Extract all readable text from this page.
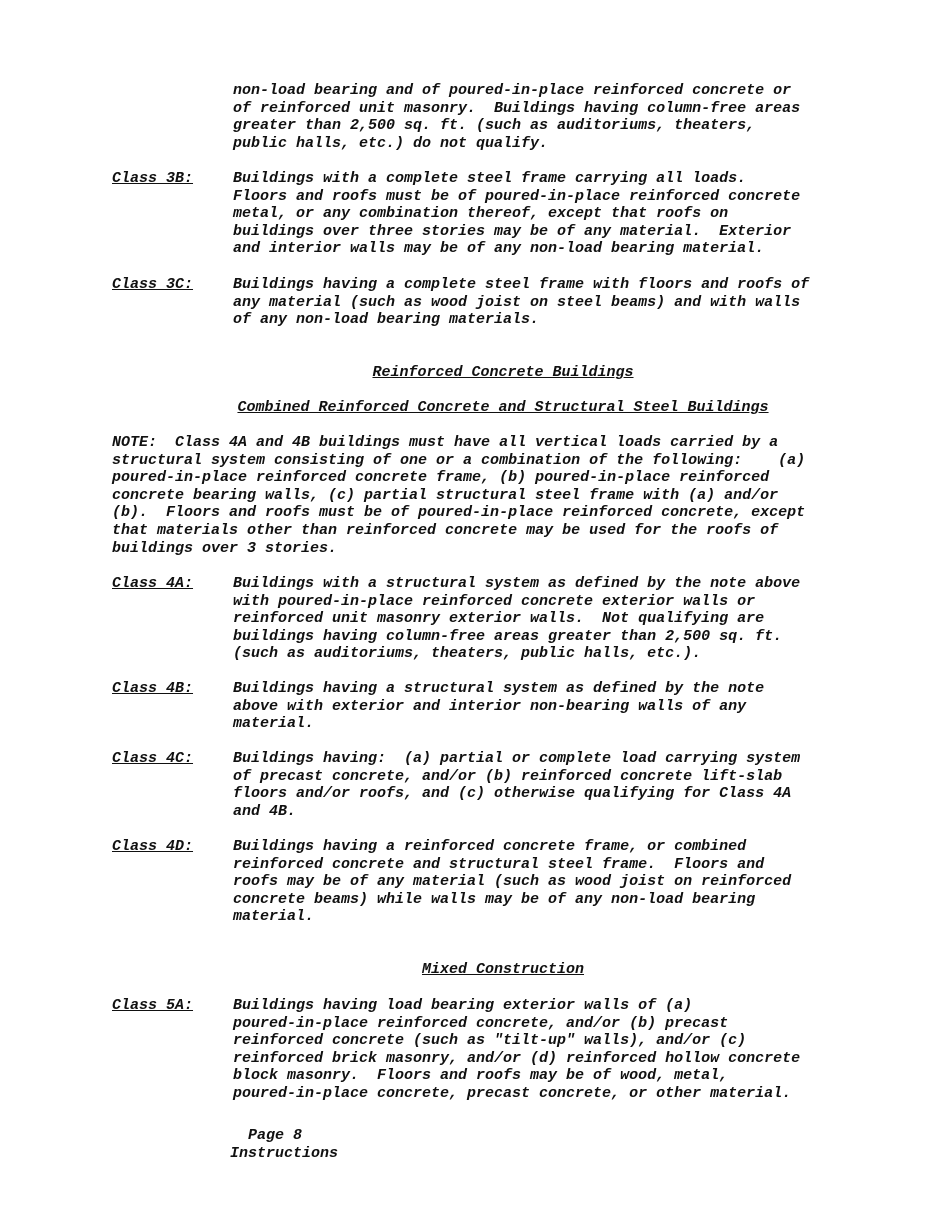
non-load bearing and of poured-in-place reinforced concrete or
of reinforced unit masonry.  Buildings having column-free areas
greater than 2,500 sq. ft. (such as auditoriums, theaters,
public halls, etc.) do not qualify.
Class 3B:	Buildings with a complete steel frame carrying all loads.
Floors and roofs must be of poured-in-place reinforced concrete
metal, or any combination thereof, except that roofs on
buildings over three stories may be of any material.  Exterior
and interior walls may be of any non-load bearing material.
Class 3C:	Buildings having a complete steel frame with floors and roofs of
any material (such as wood joist on steel beams) and with walls
of any non-load bearing materials.
Reinforced Concrete Buildings
Combined Reinforced Concrete and Structural Steel Buildings
NOTE:  Class 4A and 4B buildings must have all vertical loads carried by a
structural system consisting of one or a combination of the following:    (a)
poured-in-place reinforced concrete frame, (b) poured-in-place reinforced
concrete bearing walls, (c) partial structural steel frame with (a) and/or
(b).  Floors and roofs must be of poured-in-place reinforced concrete, except
that materials other than reinforced concrete may be used for the roofs of
buildings over 3 stories.
Class 4A:	Buildings with a structural system as defined by the note above
with poured-in-place reinforced concrete exterior walls or
reinforced unit masonry exterior walls.  Not qualifying are
buildings having column-free areas greater than 2,500 sq. ft.
(such as auditoriums, theaters, public halls, etc.).
Class 4B:	Buildings having a structural system as defined by the note
above with exterior and interior non-bearing walls of any
material.
Class 4C:	Buildings having:  (a) partial or complete load carrying system
of precast concrete, and/or (b) reinforced concrete lift-slab
floors and/or roofs, and (c) otherwise qualifying for Class 4A
and 4B.
Class 4D:	Buildings having a reinforced concrete frame, or combined
reinforced concrete and structural steel frame.  Floors and
roofs may be of any material (such as wood joist on reinforced
concrete beams) while walls may be of any non-load bearing
material.
Mixed Construction
Class 5A:	Buildings having load bearing exterior walls of (a)
poured-in-place reinforced concrete, and/or (b) precast
reinforced concrete (such as "tilt-up" walls), and/or (c)
reinforced brick masonry, and/or (d) reinforced hollow concrete
block masonry.  Floors and roofs may be of wood, metal,
poured-in-place concrete, precast concrete, or other material.
Page 8
Instructions
